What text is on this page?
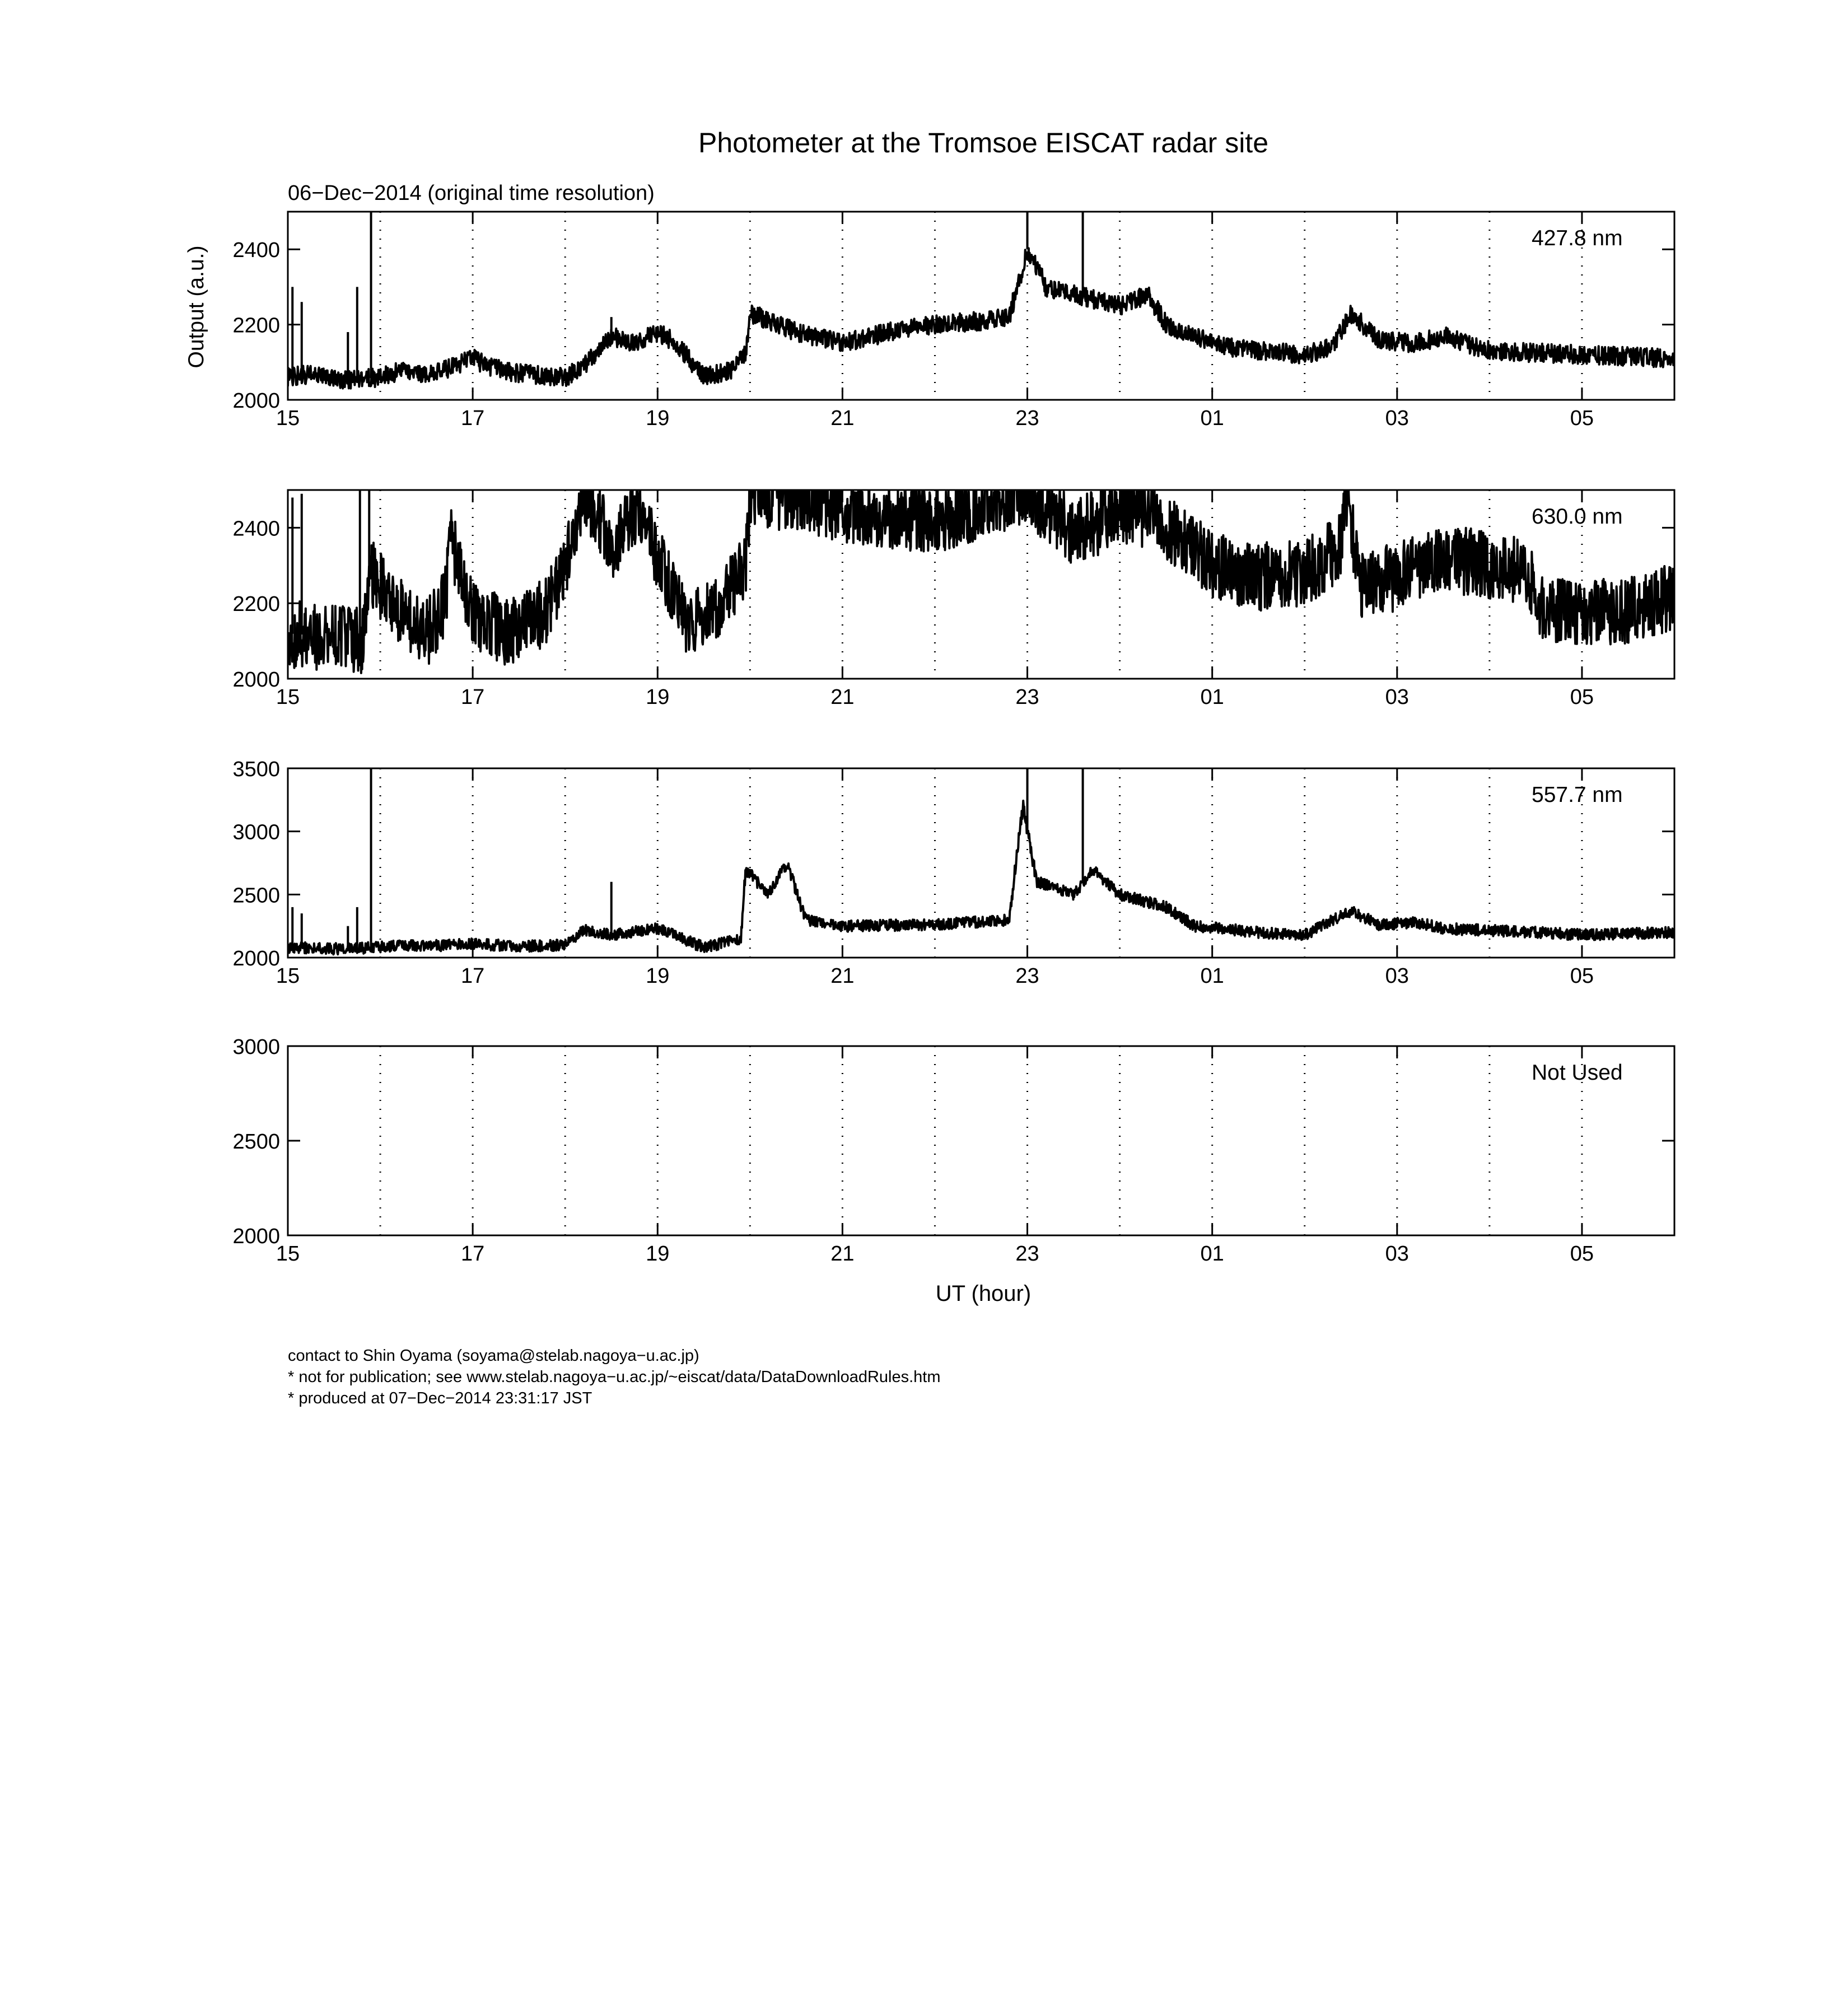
Photometer at the Tromsoe EISCAT radar site
06−Dec−2014 (original time resolution)
Output (a.u.)
UT (hour)
2000
2200
2400
15	17	19	21	23	01	03	05
427.8 nm
2000
2200
2400
15	17	19	21	23	01	03	05
630.0 nm
2000
2500
3000
3500
15	17	19	21	23	01	03	05
557.7 nm
2000
2500
3000
15	17	19	21	23	01	03	05
Not Used
contact to Shin Oyama (soyama@stelab.nagoya−u.ac.jp)
* not for publication; see www.stelab.nagoya−u.ac.jp/~eiscat/data/DataDownloadRules.htm
* produced at 07−Dec−2014 23:31:17 JST
